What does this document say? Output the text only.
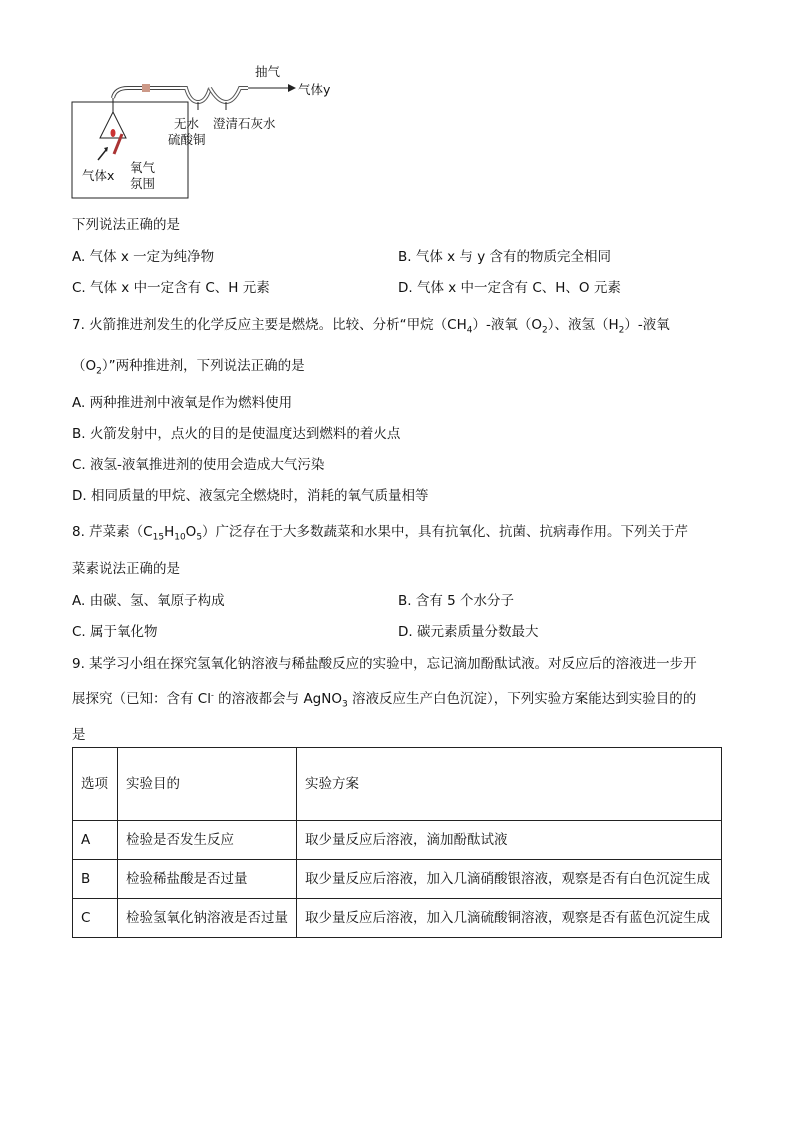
抽气
气体y
无水
硫酸铜
澄清石灰水
气体x
氧气
氛围
下列说法正确的是
A. 气体 x 一定为纯净物	B. 气体 x 与 y 含有的物质完全相同
C. 气体 x 中一定含有 C、H 元素	D. 气体 x 中一定含有 C、H、O 元素
7. 火箭推进剂发生的化学反应主要是燃烧。比较、分析“甲烷$(CH_4)-$液氧$(O_2)$、液氢$(H_2)-$液氧
$(O_2)$”两种推进剂，下列说法正确的是
A. 两种推进剂中液氧是作为燃料使用
B. 火箭发射中，点火的目的是使温度达到燃料的着火点
C. 液氢-液氧推进剂的使用会造成大气污染
D. 相同质量的甲烷、液氢完全燃烧时，消耗的氧气质量相等
8. 芹菜素$(C_{15}H_{10}O_5)$广泛存在于大多数蔬菜和水果中，具有抗氧化、抗菌、抗病毒作用。下列关于芹
菜素说法正确的是
A. 由碳、氢、氧原子构成	B. 含有 5 个水分子
C. 属于氧化物	D. 碳元素质量分数最大
9. 某学习小组在探究氢氧化钠溶液与稀盐酸反应的实验中，忘记滴加酚酞试液。对反应后的溶液进一步开
展探究（已知：含有 Cl- 的溶液都会与 AgNO$_3$ 溶液反应生产白色沉淀），下列实验方案能达到实验目的的
是
选项	实验目的	实验方案
A	检验是否发生反应	取少量反应后溶液，滴加酚酞试液
B	检验稀盐酸是否过量	取少量反应后溶液，加入几滴硝酸银溶液，观察是否有白色沉淀生成
C	检验氢氧化钠溶液是否过量	取少量反应后溶液，加入几滴硫酸铜溶液，观察是否有蓝色沉淀生成
